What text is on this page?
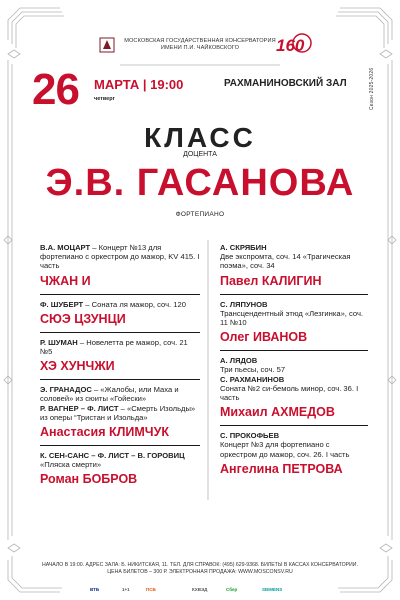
МОСКОВСКАЯ ГОСУДАРСТВЕННАЯ КОНСЕРВАТОРИЯ
ИМЕНИ П.И. ЧАЙКОВСКОГО	160
Сезон 2025-2026
26 МАРТА | 19:00
четверг
РАХМАНИНОВСКИЙ ЗАЛ
КЛАСС
ДОЦЕНТА
Э.В. ГАСАНОВА
ФОРТЕПИАНО
В.А. МОЦАРТ – Концерт №13 для фортепиано с оркестром до мажор, KV 415. I часть
ЧЖАН И
Ф. ШУБЕРТ – Соната ля мажор, соч. 120
СЮЭ ЦЗУНЦИ
Р. ШУМАН – Новелетта ре мажор, соч. 21 №5
ХЭ ХУНЧЖИ
Э. ГРАНАДОС – «Жалобы, или Маха и соловей» из сюиты «Гойески»
Р. ВАГНЕР – Ф. ЛИСТ – «Смерть Изольды» из оперы “Тристан и Изольда»
Анастасия КЛИМЧУК
К. СЕН-САНС – Ф. ЛИСТ – В. ГОРОВИЦ «Пляска смерти»
Роман БОБРОВ
А. СКРЯБИН
Две экспромта, соч. 14 «Трагическая поэма», соч. 34
Павел КАЛИГИН
С. ЛЯПУНОВ
Трансцендентный этюд «Лезгинка», соч. 11 №10
Олег ИВАНОВ
А. ЛЯДОВ
Три пьесы, соч. 57
С. РАХМАНИНОВ
Соната №2 си-бемоль минор, соч. 36. I часть
Михаил АХМЕДОВ
С. ПРОКОФЬЕВ
Концерт №3 для фортепиано с оркестром до мажор, соч. 26. I часть
Ангелина ПЕТРОВА
НАЧАЛО В 19:00. АДРЕС ЗАЛА: Б. НИКИТСКАЯ, 11. ТЕЛ. ДЛЯ СПРАВОК: (495) 629-9368. БИЛЕТЫ В КАССАХ КОНСЕРВАТОРИИ.
ЦЕНА БИЛЕТОВ – 300 Р. ЭЛЕКТРОННАЯ ПРОДАЖА: WWW.MOSCONSV.RU
ВТБ	1+1	ПСБ	КХВЭД	Сбер	SIEMENS
